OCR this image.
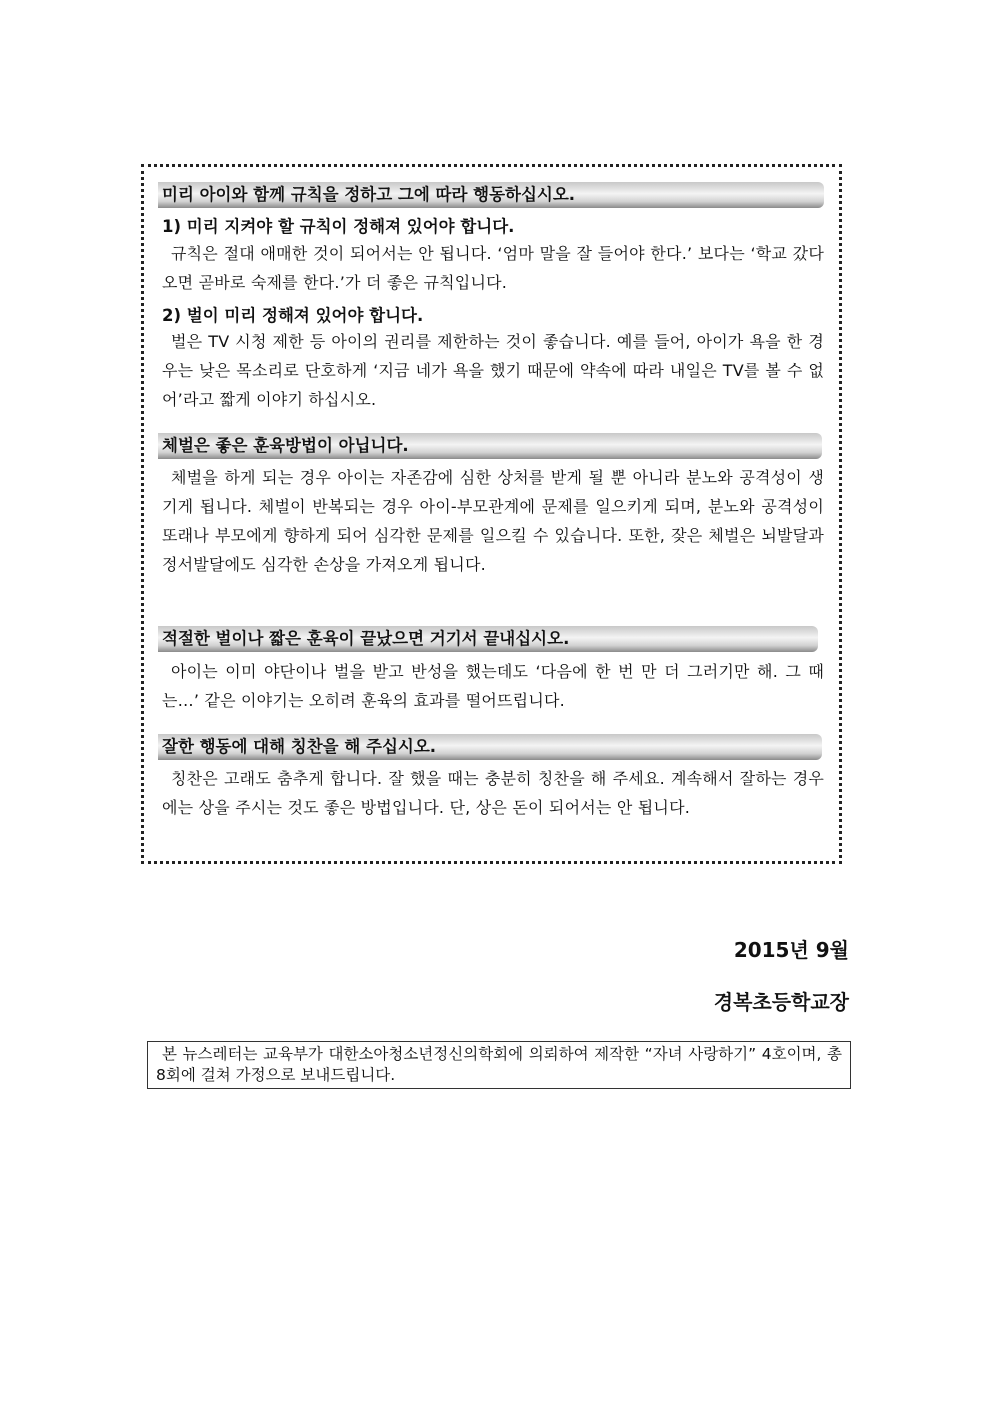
미리 아이와 함께 규칙을 정하고 그에 따라 행동하십시오.
1) 미리 지켜야 할 규칙이 정해져 있어야 합니다.

규칙은 절대 애매한 것이 되어서는 안 됩니다. ‘엄마 말을 잘 들어야 한다.’ 보다는 ‘학교 갔다 오면 곧바로 숙제를 한다.’가 더 좋은 규칙입니다.

2) 벌이 미리 정해져 있어야 합니다.

벌은 TV 시청 제한 등 아이의 권리를 제한하는 것이 좋습니다. 예를 들어, 아이가 욕을 한 경우는 낮은 목소리로 단호하게 ‘지금 네가 욕을 했기 때문에 약속에 따라 내일은 TV를 볼 수 없어’라고 짧게 이야기 하십시오.

체벌은 좋은 훈육방법이 아닙니다.

체벌을 하게 되는 경우 아이는 자존감에 심한 상처를 받게 될 뿐 아니라 분노와 공격성이 생기게 됩니다. 체벌이 반복되는 경우 아이-부모관계에 문제를 일으키게 되며, 분노와 공격성이 또래나 부모에게 향하게 되어 심각한 문제를 일으킬 수 있습니다. 또한, 잦은 체벌은 뇌발달과 정서발달에도 심각한 손상을 가져오게 됩니다.

적절한 벌이나 짧은 훈육이 끝났으면 거기서 끝내십시오.

아이는 이미 야단이나 벌을 받고 반성을 했는데도 ‘다음에 한 번 만 더 그러기만 해. 그 때는…’ 같은 이야기는 오히려 훈육의 효과를 떨어뜨립니다.

잘한 행동에 대해 칭찬을 해 주십시오.

칭찬은 고래도 춤추게 합니다. 잘 했을 때는 충분히 칭찬을 해 주세요. 계속해서 잘하는 경우에는 상을 주시는 것도 좋은 방법입니다. 단, 상은 돈이 되어서는 안 됩니다.

2015년 9월
경복초등학교장

본 뉴스레터는 교육부가 대한소아청소년정신의학회에 의뢰하여 제작한 “자녀 사랑하기” 4호이며, 총 8회에 걸쳐 가정으로 보내드립니다.
